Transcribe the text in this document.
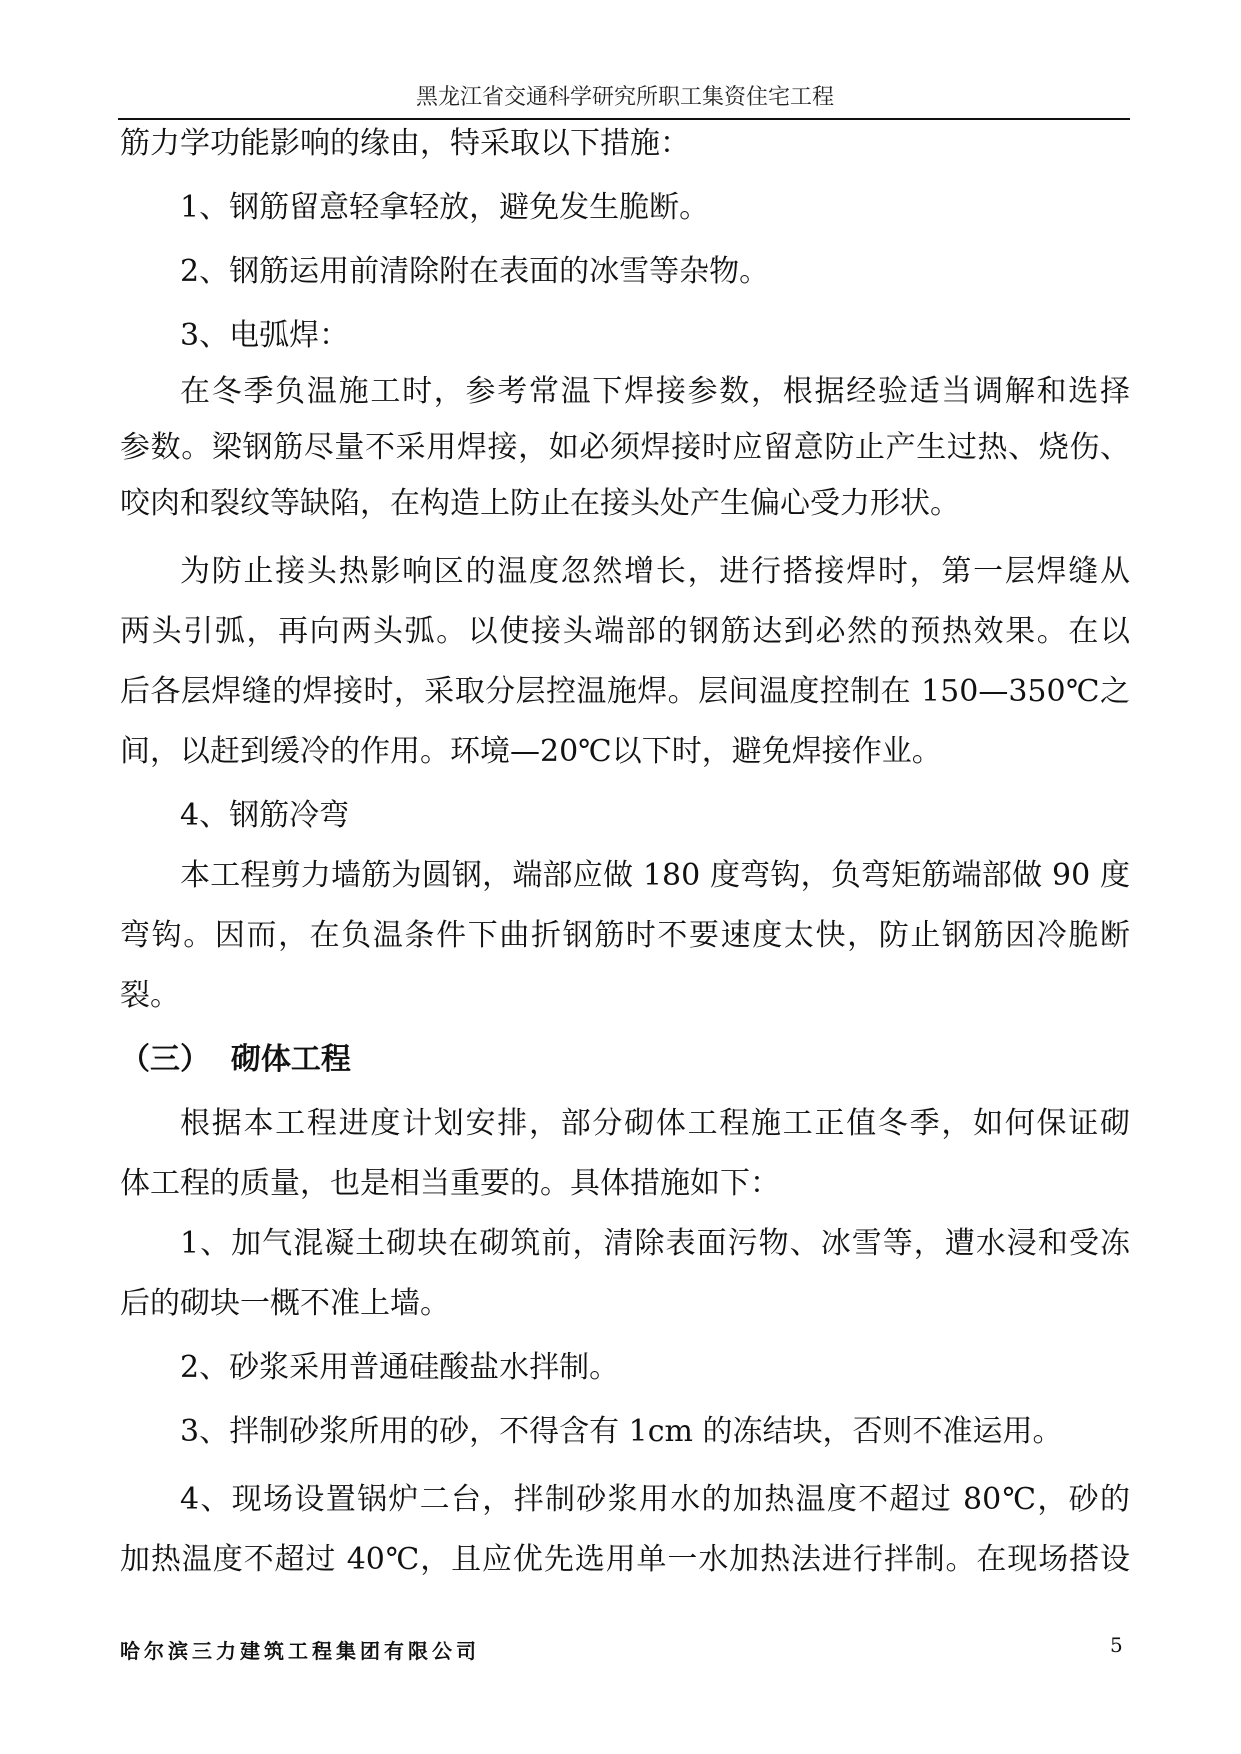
黑龙江省交通科学研究所职工集资住宅工程
筋力学功能影响的缘由，特采取以下措施：
1、钢筋留意轻拿轻放，避免发生脆断。
2、钢筋运用前清除附在表面的冰雪等杂物。
3、电弧焊：
在冬季负温施工时，参考常温下焊接参数，根据经验适当调解和选择
参数。梁钢筋尽量不采用焊接，如必须焊接时应留意防止产生过热、烧伤、
咬肉和裂纹等缺陷，在构造上防止在接头处产生偏心受力形状。
为防止接头热影响区的温度忽然增长，进行搭接焊时，第一层焊缝从
两头引弧，再向两头弧。以使接头端部的钢筋达到必然的预热效果。在以
后各层焊缝的焊接时，采取分层控温施焊。层间温度控制在 150—350℃之
间，以赶到缓冷的作用。环境—20℃以下时，避免焊接作业。
4、钢筋冷弯
本工程剪力墙筋为圆钢，端部应做 180 度弯钩，负弯矩筋端部做 90 度
弯钩。因而，在负温条件下曲折钢筋时不要速度太快，防止钢筋因冷脆断
裂。
（三）  砌体工程
根据本工程进度计划安排，部分砌体工程施工正值冬季，如何保证砌
体工程的质量，也是相当重要的。具体措施如下：
1、加气混凝土砌块在砌筑前，清除表面污物、冰雪等，遭水浸和受冻
后的砌块一概不准上墙。
2、砂浆采用普通硅酸盐水拌制。
3、拌制砂浆所用的砂，不得含有 1cm 的冻结块，否则不准运用。
4、现场设置锅炉二台，拌制砂浆用水的加热温度不超过 80℃，砂的
加热温度不超过 40℃，且应优先选用单一水加热法进行拌制。在现场搭设
哈尔滨三力建筑工程集团有限公司	5
